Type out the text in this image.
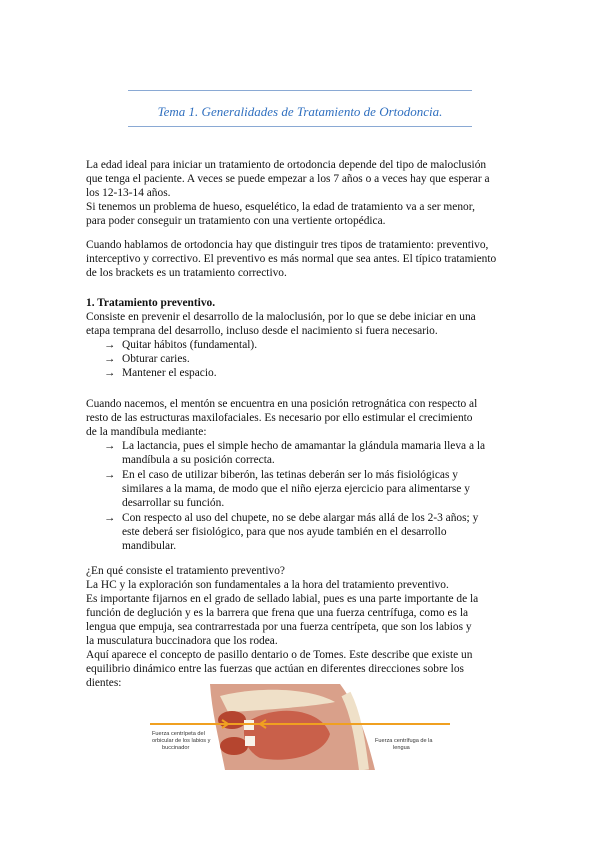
Tema 1. Generalidades de Tratamiento de Ortodoncia.

La edad ideal para iniciar un tratamiento de ortodoncia depende del tipo de maloclusión

que tenga el paciente. A veces se puede empezar a los 7 años o a veces hay que esperar a

los 12-13-14 años.

Si tenemos un problema de hueso, esquelético, la edad de tratamiento va a ser menor,

para poder conseguir un tratamiento con una vertiente ortopédica.

Cuando hablamos de ortodoncia hay que distinguir tres tipos de tratamiento: preventivo,

interceptivo y correctivo. El preventivo es más normal que sea antes. El típico tratamiento

de los brackets es un tratamiento correctivo.

1. Tratamiento preventivo.

Consiste en prevenir el desarrollo de la maloclusión, por lo que se debe iniciar en una

etapa temprana del desarrollo, incluso desde el nacimiento si fuera necesario.

→ Quitar hábitos (fundamental).
→ Obturar caries.
→ Mantener el espacio.

Cuando nacemos, el mentón se encuentra en una posición retrognática con respecto al

resto de las estructuras maxilofaciales. Es necesario por ello estimular el crecimiento

de la mandíbula mediante:

→ La lactancia, pues el simple hecho de amamantar la glándula mamaria lleva a la

mandíbula a su posición correcta.

→ En el caso de utilizar biberón, las tetinas deberán ser lo más fisiológicas y

similares a la mama, de modo que el niño ejerza ejercicio para alimentarse y

desarrollar su función.

→ Con respecto al uso del chupete, no se debe alargar más allá de los 2-3 años; y

este deberá ser fisiológico, para que nos ayude también en el desarrollo

mandibular.

¿En qué consiste el tratamiento preventivo?

La HC y la exploración son fundamentales a la hora del tratamiento preventivo.

Es importante fijarnos en el grado de sellado labial, pues es una parte importante de la

función de deglución y es la barrera que frena que una fuerza centrífuga, como es la

lengua que empuja, sea contrarrestada por una fuerza centrípeta, que son los labios y

la musculatura buccinadora que los rodea.

Aquí aparece el concepto de pasillo dentario o de Tomes. Este describe que existe un

equilibrio dinámico entre las fuerzas que actúan en diferentes direcciones sobre los

dientes:

Fuerza centrípeta del
orbicular de los labios y
buccinador
Fuerza centrífuga de la
lengua
